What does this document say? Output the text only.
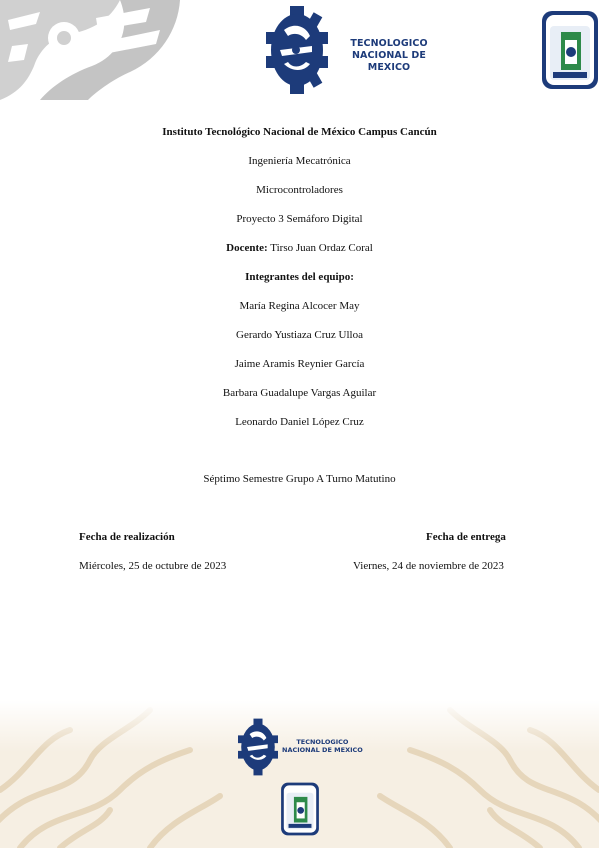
TECNOLOGICO
NACIONAL DE MEXICO
Instituto Tecnológico Nacional de México Campus Cancún
Ingeniería Mecatrónica
Microcontroladores
Proyecto 3 Semáforo Digital
Docente: Tirso Juan Ordaz Coral
Integrantes del equipo:
María Regina Alcocer May
Gerardo Yustiaza Cruz Ulloa
Jaime Aramis Reynier García
Barbara Guadalupe Vargas Aguilar
Leonardo Daniel López Cruz
Séptimo Semestre Grupo A Turno Matutino
Fecha de realización	Fecha de entrega
Miércoles, 25 de octubre de 2023	Viernes, 24 de noviembre de 2023
TECNOLOGICO
NACIONAL DE MEXICO
